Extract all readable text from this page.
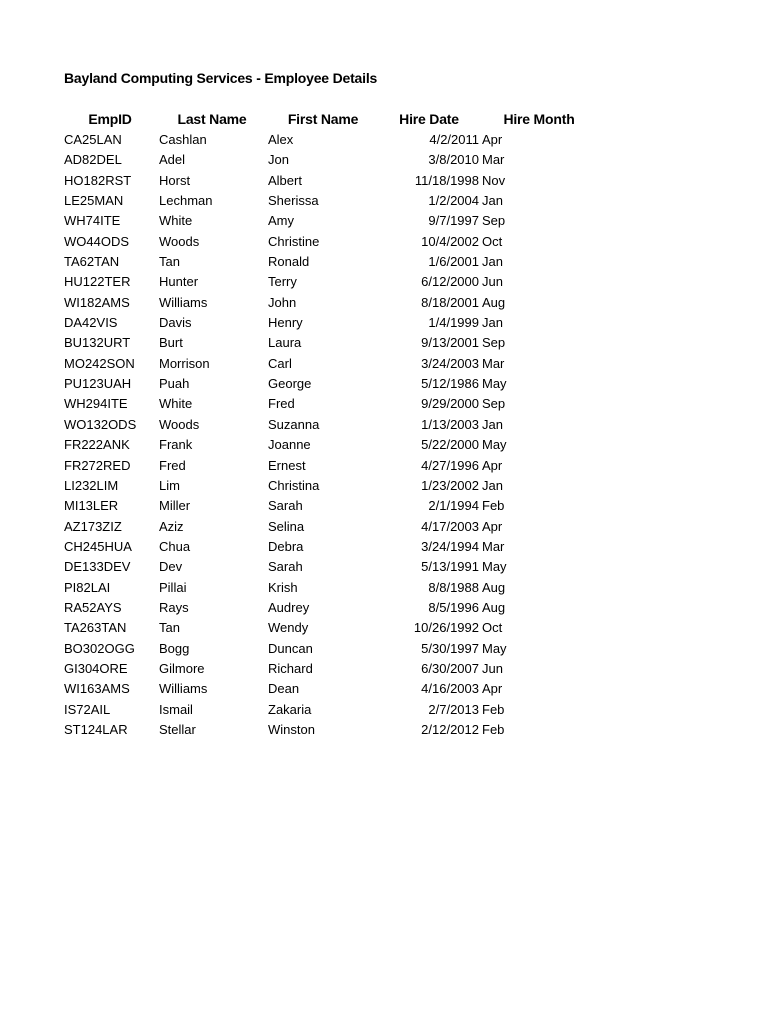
Bayland Computing Services - Employee Details
EmpID	Last Name	First Name	Hire Date	Hire Month
CA25LAN	Cashlan	Alex	4/2/2011 Apr
AD82DEL	Adel	Jon	3/8/2010 Mar
HO182RST	Horst	Albert	11/18/1998 Nov
LE25MAN	Lechman	Sherissa	1/2/2004 Jan
WH74ITE	White	Amy	9/7/1997 Sep
WO44ODS	Woods	Christine	10/4/2002 Oct
TA62TAN	Tan	Ronald	1/6/2001 Jan
HU122TER	Hunter	Terry	6/12/2000 Jun
WI182AMS	Williams	John	8/18/2001 Aug
DA42VIS	Davis	Henry	1/4/1999 Jan
BU132URT	Burt	Laura	9/13/2001 Sep
MO242SON	Morrison	Carl	3/24/2003 Mar
PU123UAH	Puah	George	5/12/1986 May
WH294ITE	White	Fred	9/29/2000 Sep
WO132ODS	Woods	Suzanna	1/13/2003 Jan
FR222ANK	Frank	Joanne	5/22/2000 May
FR272RED	Fred	Ernest	4/27/1996 Apr
LI232LIM	Lim	Christina	1/23/2002 Jan
MI13LER	Miller	Sarah	2/1/1994 Feb
AZ173ZIZ	Aziz	Selina	4/17/2003 Apr
CH245HUA	Chua	Debra	3/24/1994 Mar
DE133DEV	Dev	Sarah	5/13/1991 May
PI82LAI	Pillai	Krish	8/8/1988 Aug
RA52AYS	Rays	Audrey	8/5/1996 Aug
TA263TAN	Tan	Wendy	10/26/1992 Oct
BO302OGG	Bogg	Duncan	5/30/1997 May
GI304ORE	Gilmore	Richard	6/30/2007 Jun
WI163AMS	Williams	Dean	4/16/2003 Apr
IS72AIL	Ismail	Zakaria	2/7/2013 Feb
ST124LAR	Stellar	Winston	2/12/2012 Feb
